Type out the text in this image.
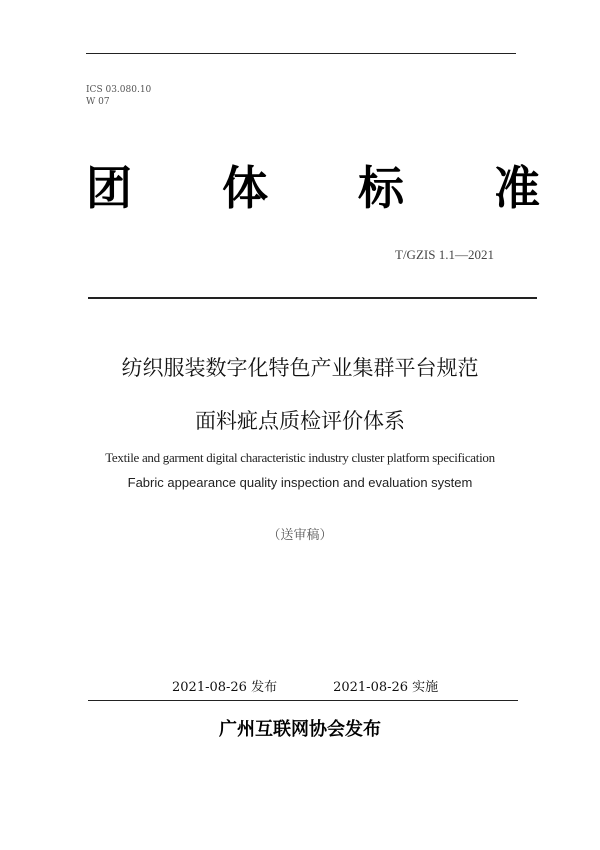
ICS 03.080.10
W 07
团 体 标 准
T/GZIS 1.1—2021
纺织服装数字化特色产业集群平台规范
面料疵点质检评价体系
Textile and garment digital characteristic industry cluster platform specification
Fabric appearance quality inspection and evaluation system
（送审稿）
2021-08-26 发布	2021-08-26 实施
广州互联网协会发布
